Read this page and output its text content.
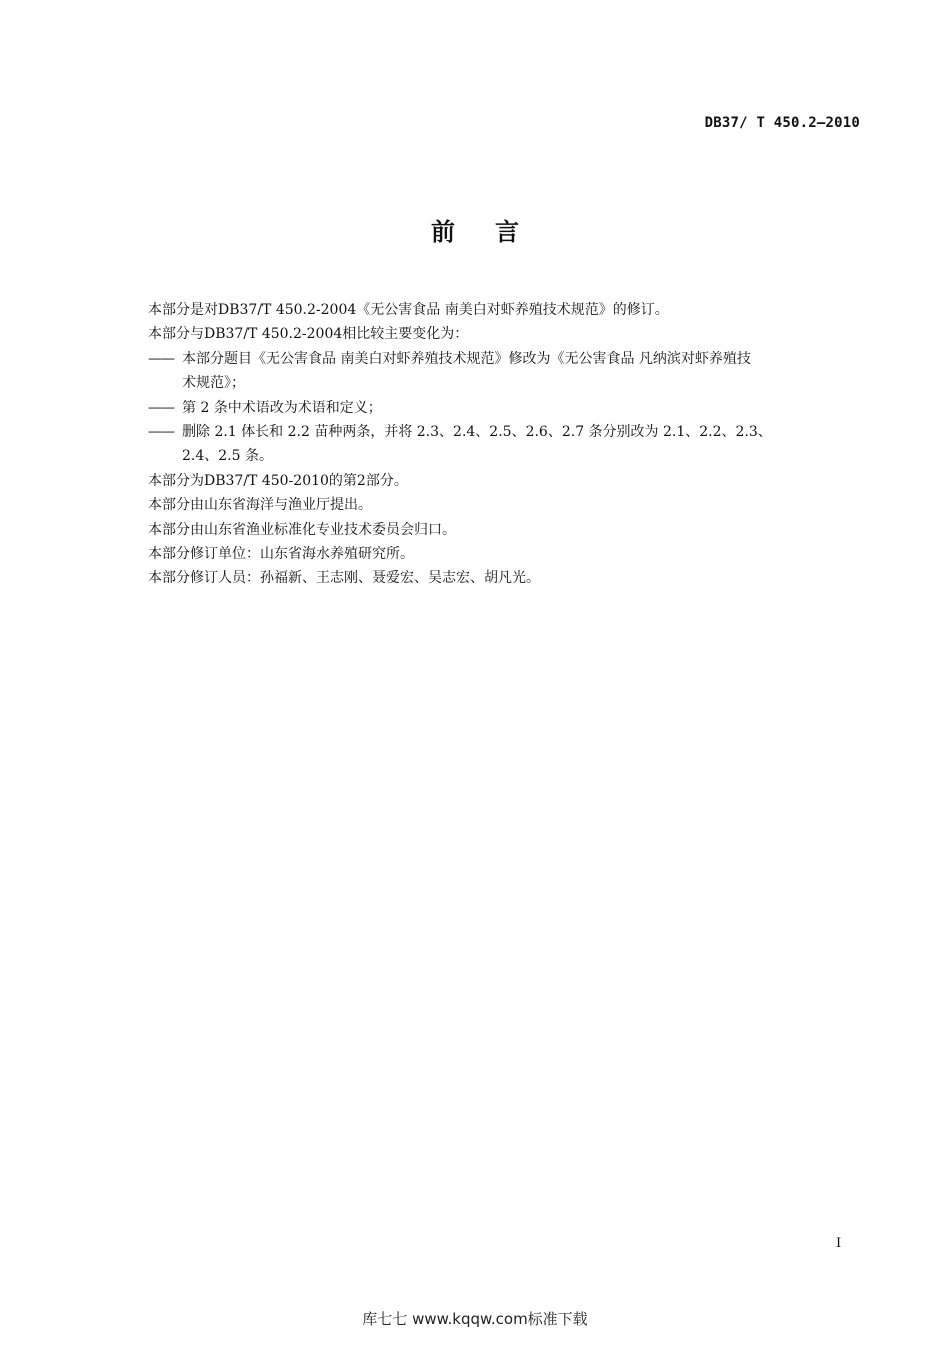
DB37/ T 450.2—2010
前言

本部分是对DB37/T 450.2-2004《无公害食品 南美白对虾养殖技术规范》的修订。

本部分与DB37/T 450.2-2004相比较主要变化为：

—— 本部分题目《无公害食品 南美白对虾养殖技术规范》修改为《无公害食品 凡纳滨对虾养殖技
术规范》；
—— 第 2 条中术语改为术语和定义；
—— 删除 2.1 体长和 2.2 苗种两条，并将 2.3、2.4、2.5、2.6、2.7 条分别改为 2.1、2.2、2.3、
2.4、2.5 条。

本部分为DB37/T 450-2010的第2部分。

本部分由山东省海洋与渔业厅提出。

本部分由山东省渔业标准化专业技术委员会归口。

本部分修订单位：山东省海水养殖研究所。

本部分修订人员：孙福新、王志刚、聂爱宏、吴志宏、胡凡光。

I
库七七 www.kqqw.com标准下载
